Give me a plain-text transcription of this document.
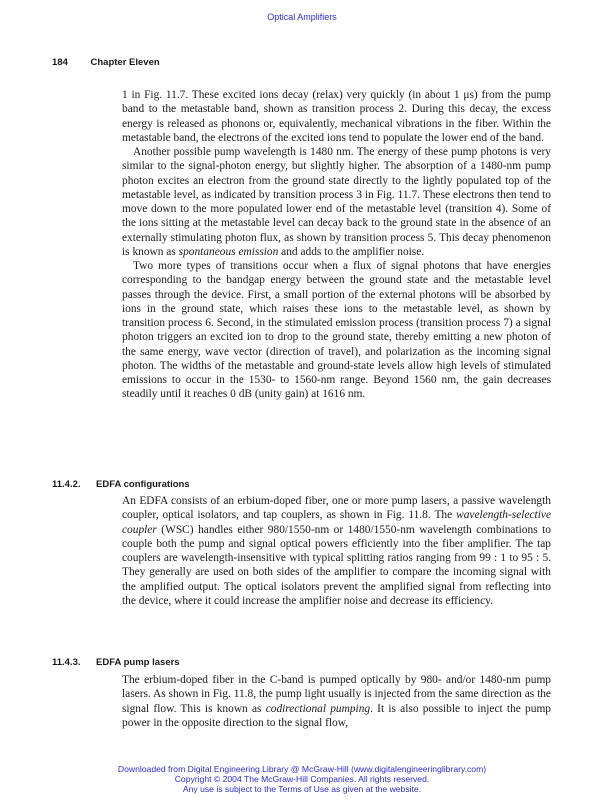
Optical Amplifiers
184 Chapter Eleven

1 in Fig. 11.7. These excited ions decay (relax) very quickly (in about 1 μs) from the pump band to the metastable band, shown as transition process 2. During this decay, the excess energy is released as phonons or, equivalently, mechanical vibrations in the fiber. Within the metastable band, the electrons of the excited ions tend to populate the lower end of the band.

Another possible pump wavelength is 1480 nm. The energy of these pump photons is very similar to the signal-photon energy, but slightly higher. The absorption of a 1480-nm pump photon excites an electron from the ground state directly to the lightly populated top of the metastable level, as indicated by transition process 3 in Fig. 11.7. These electrons then tend to move down to the more populated lower end of the metastable level (transition 4). Some of the ions sitting at the metastable level can decay back to the ground state in the absence of an externally stimulating photon flux, as shown by transition process 5. This decay phenomenon is known as spontaneous emission and adds to the amplifier noise.

Two more types of transitions occur when a flux of signal photons that have energies corresponding to the bandgap energy between the ground state and the metastable level passes through the device. First, a small portion of the external photons will be absorbed by ions in the ground state, which raises these ions to the metastable level, as shown by transition process 6. Second, in the stimulated emission process (transition process 7) a signal photon triggers an excited ion to drop to the ground state, thereby emitting a new photon of the same energy, wave vector (direction of travel), and polarization as the incoming signal photon. The widths of the metastable and ground-state levels allow high levels of stimulated emissions to occur in the 1530- to 1560-nm range. Beyond 1560 nm, the gain decreases steadily until it reaches 0 dB (unity gain) at 1616 nm.

11.4.2. EDFA configurations

An EDFA consists of an erbium-doped fiber, one or more pump lasers, a passive wavelength coupler, optical isolators, and tap couplers, as shown in Fig. 11.8. The wavelength-selective coupler (WSC) handles either 980/1550-nm or 1480/1550-nm wavelength combinations to couple both the pump and signal optical powers efficiently into the fiber amplifier. The tap couplers are wavelength-insensitive with typical splitting ratios ranging from 99 : 1 to 95 : 5. They generally are used on both sides of the amplifier to compare the incoming signal with the amplified output. The optical isolators prevent the amplified signal from reflecting into the device, where it could increase the amplifier noise and decrease its efficiency.

11.4.3. EDFA pump lasers

The erbium-doped fiber in the C-band is pumped optically by 980- and/or 1480-nm pump lasers. As shown in Fig. 11.8, the pump light usually is injected from the same direction as the signal flow. This is known as codirectional pumping. It is also possible to inject the pump power in the opposite direction to the signal flow,

Downloaded from Digital Engineering Library @ McGraw-Hill (www.digitalengineeringlibrary.com)
Copyright © 2004 The McGraw-Hill Companies. All rights reserved.
Any use is subject to the Terms of Use as given at the website.
